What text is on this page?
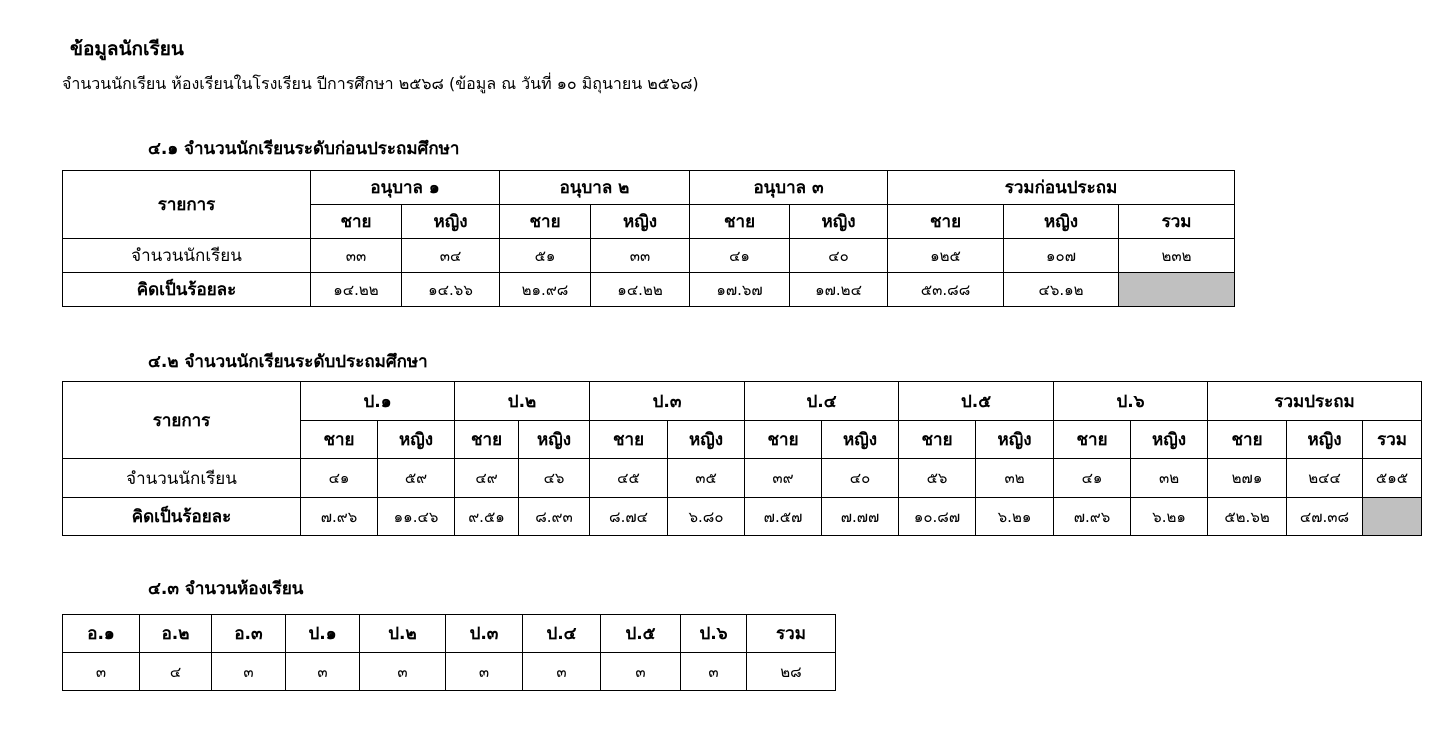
ข้อมูลนักเรียน
จำนวนนักเรียน ห้องเรียนในโรงเรียน ปีการศึกษา ๒๕๖๘ (ข้อมูล ณ วันที่ ๑๐ มิถุนายน ๒๕๖๘)
๔.๑ จำนวนนักเรียนระดับก่อนประถมศึกษา
รายการ	อนุบาล ๑		อนุบาล ๒		อนุบาล ๓		รวมก่อนประถม		
	ชาย	หญิง	ชาย	หญิง	ชาย	หญิง	ชาย	หญิง	รวม
จำนวนนักเรียน	๓๓	๓๔	๕๑	๓๓	๔๑	๔๐	๑๒๕	๑๐๗	๒๓๒
คิดเป็นร้อยละ	๑๔.๒๒	๑๔.๖๖	๒๑.๙๘	๑๔.๒๒	๑๗.๖๗	๑๗.๒๔	๕๓.๘๘	๔๖.๑๒	
๔.๒ จำนวนนักเรียนระดับประถมศึกษา
รายการ	ป.๑		ป.๒		ป.๓		ป.๔		ป.๕		ป.๖		รวมประถม		
	ชาย	หญิง	ชาย	หญิง	ชาย	หญิง	ชาย	หญิง	ชาย	หญิง	ชาย	หญิง	ชาย	หญิง	รวม
จำนวนนักเรียน	๔๑	๕๙	๔๙	๔๖	๔๕	๓๕	๓๙	๔๐	๕๖	๓๒	๔๑	๓๒	๒๗๑	๒๔๔	๕๑๕
คิดเป็นร้อยละ	๗.๙๖	๑๑.๔๖	๙.๕๑	๘.๙๓	๘.๗๔	๖.๘๐	๗.๕๗	๗.๗๗	๑๐.๘๗	๖.๒๑	๗.๙๖	๖.๒๑	๕๒.๖๒	๔๗.๓๘	
๔.๓ จำนวนห้องเรียน
อ.๑	อ.๒	อ.๓	ป.๑	ป.๒	ป.๓	ป.๔	ป.๕	ป.๖	รวม
๓	๔	๓	๓	๓	๓	๓	๓	๓	๒๘
